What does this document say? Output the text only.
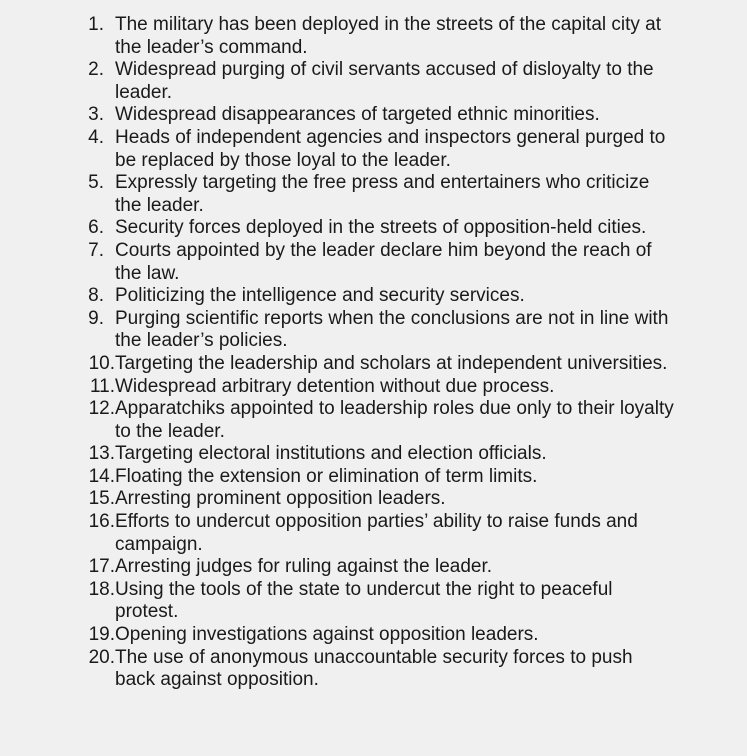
1. The military has been deployed in the streets of the capital city at the leader’s command.
2. Widespread purging of civil servants accused of disloyalty to the leader.
3. Widespread disappearances of targeted ethnic minorities.
4. Heads of independent agencies and inspectors general purged to be replaced by those loyal to the leader.
5. Expressly targeting the free press and entertainers who criticize the leader.
6. Security forces deployed in the streets of opposition-held cities.
7. Courts appointed by the leader declare him beyond the reach of the law.
8. Politicizing the intelligence and security services.
9. Purging scientific reports when the conclusions are not in line with the leader’s policies.
10. Targeting the leadership and scholars at independent universities.
11. Widespread arbitrary detention without due process.
12. Apparatchiks appointed to leadership roles due only to their loyalty to the leader.
13. Targeting electoral institutions and election officials.
14. Floating the extension or elimination of term limits.
15. Arresting prominent opposition leaders.
16. Efforts to undercut opposition parties’ ability to raise funds and campaign.
17. Arresting judges for ruling against the leader.
18. Using the tools of the state to undercut the right to peaceful protest.
19. Opening investigations against opposition leaders.
20. The use of anonymous unaccountable security forces to push back against opposition.
